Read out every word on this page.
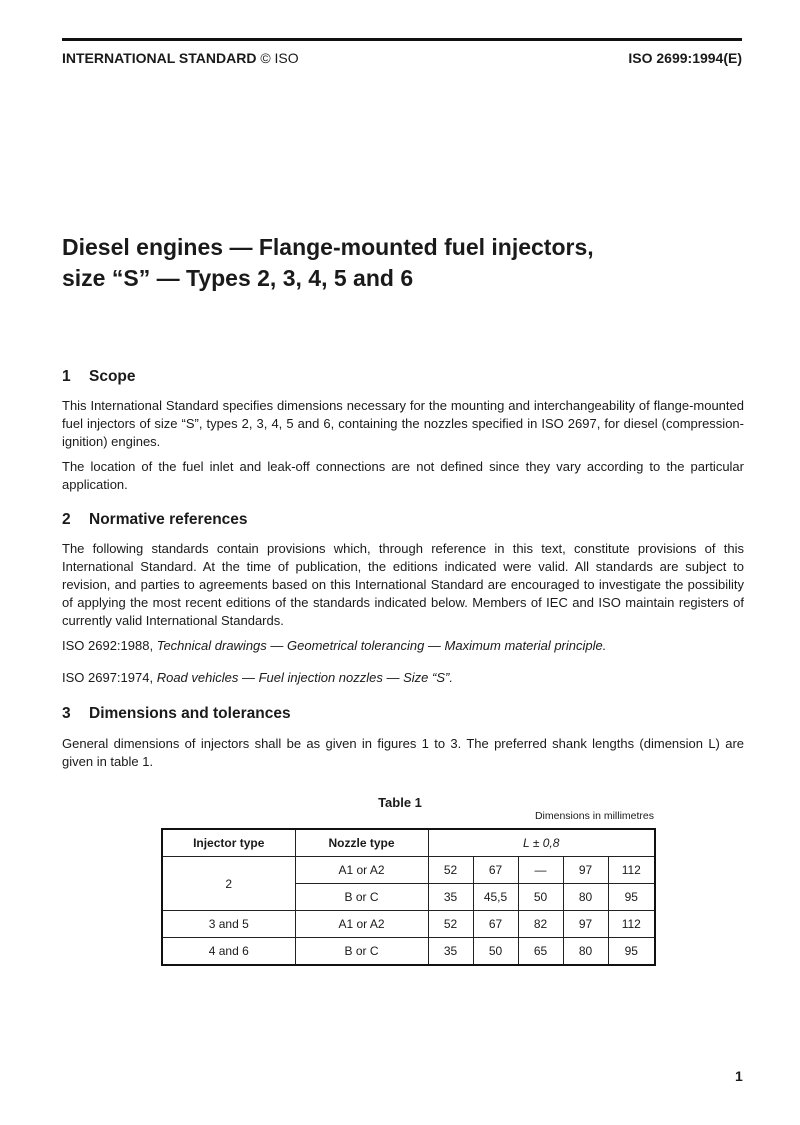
INTERNATIONAL STANDARD © ISO	ISO 2699:1994(E)
Diesel engines — Flange-mounted fuel injectors,
size “S” — Types 2, 3, 4, 5 and 6
1 Scope

This International Standard specifies dimensions necessary for the mounting and interchangeability of flange-mounted fuel injectors of size “S”, types 2, 3, 4, 5 and 6, containing the nozzles specified in ISO 2697, for diesel (compression-ignition) engines.

The location of the fuel inlet and leak-off connections are not defined since they vary according to the particular application.

2 Normative references

The following standards contain provisions which, through reference in this text, constitute provisions of this International Standard. At the time of publication, the editions indicated were valid. All standards are subject to revision, and parties to agreements based on this International Standard are encouraged to investigate the possibility of applying the most recent editions of the standards indicated below. Members of IEC and ISO maintain registers of currently valid International Standards.

ISO 2692:1988, Technical drawings — Geometrical tolerancing — Maximum material principle.

ISO 2697:1974, Road vehicles — Fuel injection nozzles — Size “S”.

3 Dimensions and tolerances

General dimensions of injectors shall be as given in figures 1 to 3. The preferred shank lengths (dimension L) are given in table 1.

Table 1
Dimensions in millimetres
Injector type	Nozzle type	L ± 0,8				
2	A1 or A2	52	67	—	97	112
	B or C	35	45,5	50	80	95
3 and 5	A1 or A2	52	67	82	97	112
4 and 6	B or C	35	50	65	80	95
1
